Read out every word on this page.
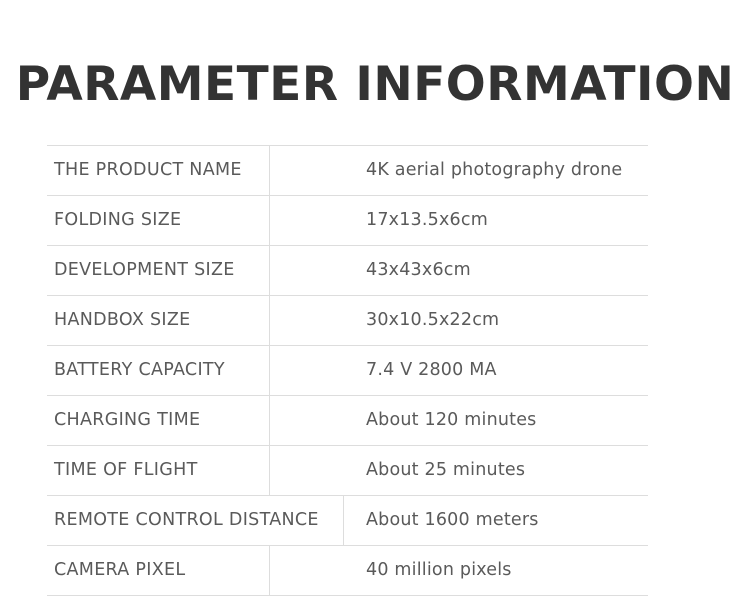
PARAMETER INFORMATION
THE PRODUCT NAME	4K aerial photography drone
FOLDING SIZE	17x13.5x6cm
DEVELOPMENT SIZE	43x43x6cm
HANDBOX SIZE	30x10.5x22cm
BATTERY CAPACITY	7.4 V 2800 MA
CHARGING TIME	About 120 minutes
TIME OF FLIGHT	About 25 minutes
REMOTE CONTROL DISTANCE	About 1600 meters
CAMERA PIXEL	40 million pixels
